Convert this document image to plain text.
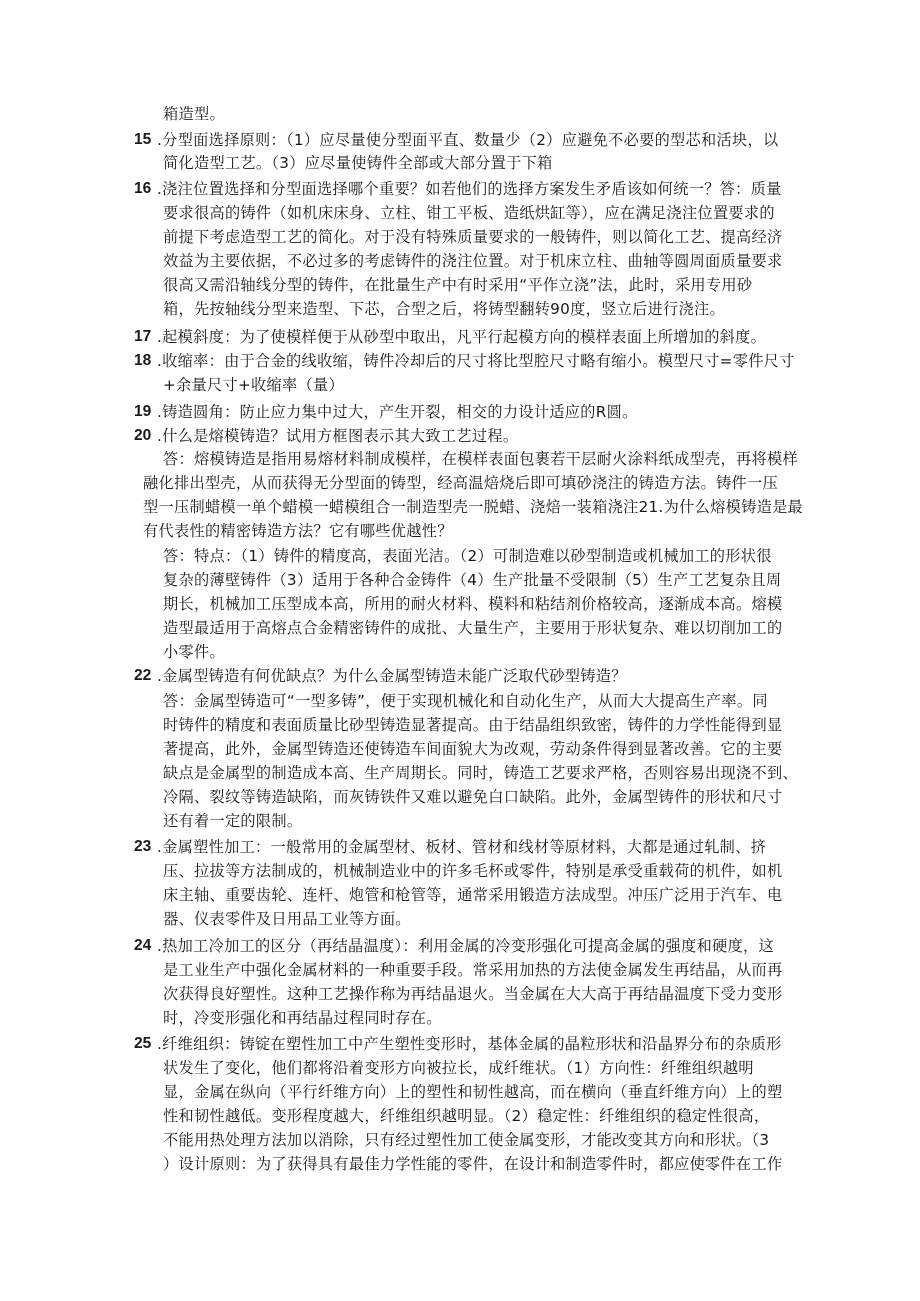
箱造型。
15 .分型面选择原则：（1）应尽量使分型面平直、数量少（2）应避免不必要的型芯和活块，以
简化造型工艺。（3）应尽量使铸件全部或大部分置于下箱
16 .浇注位置选择和分型面选择哪个重要？如若他们的选择方案发生矛盾该如何统一？答：质量
要求很高的铸件（如机床床身、立柱、钳工平板、造纸烘缸等），应在满足浇注位置要求的
前提下考虑造型工艺的简化。对于没有特殊质量要求的一般铸件，则以简化工艺、提高经济
效益为主要依据，不必过多的考虑铸件的浇注位置。对于机床立柱、曲轴等圆周面质量要求
很高又需沿轴线分型的铸件，在批量生产中有时采用“平作立浇”法，此时，采用专用砂
箱，先按轴线分型来造型、下芯，合型之后，将铸型翻转90度，竖立后进行浇注。
17 .起模斜度：为了使模样便于从砂型中取出，凡平行起模方向的模样表面上所增加的斜度。
18 .收缩率：由于合金的线收缩，铸件冷却后的尺寸将比型腔尺寸略有缩小。模型尺寸=零件尺寸
+余量尺寸+收缩率（量）
19 .铸造圆角：防止应力集中过大，产生开裂，相交的力设计适应的R圆。
20 .什么是熔模铸造？试用方框图表示其大致工艺过程。
答：熔模铸造是指用易熔材料制成模样，在模样表面包裹若干层耐火涂料纸成型壳，再将模样
融化排出型壳，从而获得无分型面的铸型，经高温焙烧后即可填砂浇注的铸造方法。铸件一压
型一压制蜡模一单个蜡模一蜡模组合一制造型壳一脱蜡、浇焙一装箱浇注21.为什么熔模铸造是最
有代表性的精密铸造方法？它有哪些优越性？
答：特点：（1）铸件的精度高，表面光洁。（2）可制造难以砂型制造或机械加工的形状很
复杂的薄壁铸件（3）适用于各种合金铸件（4）生产批量不受限制（5）生产工艺复杂且周
期长，机械加工压型成本高，所用的耐火材料、模料和粘结剂价格较高，逐渐成本高。熔模
造型最适用于高熔点合金精密铸件的成批、大量生产，主要用于形状复杂、难以切削加工的
小零件。
22 .金属型铸造有何优缺点？为什么金属型铸造未能广泛取代砂型铸造？
答：金属型铸造可“一型多铸”，便于实现机械化和自动化生产，从而大大提高生产率。同
时铸件的精度和表面质量比砂型铸造显著提高。由于结晶组织致密，铸件的力学性能得到显
著提高，此外，金属型铸造还使铸造车间面貌大为改观，劳动条件得到显著改善。它的主要
缺点是金属型的制造成本高、生产周期长。同时，铸造工艺要求严格，否则容易出现浇不到、
冷隔、裂纹等铸造缺陷，而灰铸铁件又难以避免白口缺陷。此外，金属型铸件的形状和尺寸
还有着一定的限制。
23 .金属塑性加工：一般常用的金属型材、板材、管材和线材等原材料，大都是通过轧制、挤
压、拉拔等方法制成的，机械制造业中的许多毛杯或零件，特别是承受重载荷的机件，如机
床主轴、重要齿轮、连杆、炮管和枪管等，通常采用锻造方法成型。冲压广泛用于汽车、电
器、仪表零件及日用品工业等方面。
24 .热加工冷加工的区分（再结晶温度）：利用金属的冷变形强化可提高金属的强度和硬度，这
是工业生产中强化金属材料的一种重要手段。常采用加热的方法使金属发生再结晶，从而再
次获得良好塑性。这种工艺操作称为再结晶退火。当金属在大大高于再结晶温度下受力变形
时，冷变形强化和再结晶过程同时存在。
25 .纤维组织：铸锭在塑性加工中产生塑性变形时，基体金属的晶粒形状和沿晶界分布的杂质形
状发生了变化，他们都将沿着变形方向被拉长，成纤维状。（1）方向性：纤维组织越明
显，金属在纵向（平行纤维方向）上的塑性和韧性越高，而在横向（垂直纤维方向）上的塑
性和韧性越低。变形程度越大，纤维组织越明显。（2）稳定性：纤维组织的稳定性很高，
不能用热处理方法加以消除，只有经过塑性加工使金属变形，才能改变其方向和形状。（3
）设计原则：为了获得具有最佳力学性能的零件，在设计和制造零件时，都应使零件在工作
